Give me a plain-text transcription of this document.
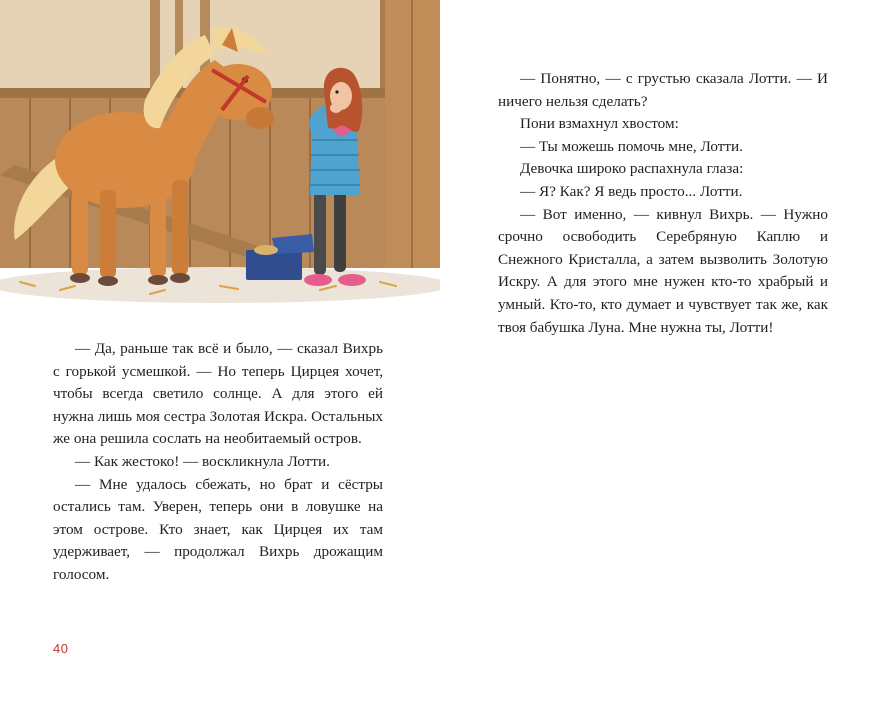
— Да, раньше так всё и было, — сказал Вихрь с горькой усмешкой. — Но теперь Цирцея хочет, чтобы всегда светило солнце. А для этого ей нужна лишь моя сестра Золотая Искра. Остальных же она решила сослать на необитаемый остров.

— Как жестоко! — воскликнула Лотти.

— Мне удалось сбежать, но брат и сёстры остались там. Уверен, теперь они в ловушке на этом острове. Кто знает, как Цирцея их там удерживает, — продолжал Вихрь дрожащим голосом.

— Понятно, — с грустью сказала Лотти. — И ничего нельзя сделать?

Пони взмахнул хвостом:

— Ты можешь помочь мне, Лотти.

Девочка широко распахнула глаза:

— Я? Как? Я ведь просто... Лотти.

— Вот именно, — кивнул Вихрь. — Нужно срочно освободить Серебряную Каплю и Снежного Кристалла, а затем вызволить Золотую Искру. А для этого мне нужен кто-то храбрый и умный. Кто-то, кто думает и чувствует так же, как твоя бабушка Луна. Мне нужна ты, Лотти!

40
